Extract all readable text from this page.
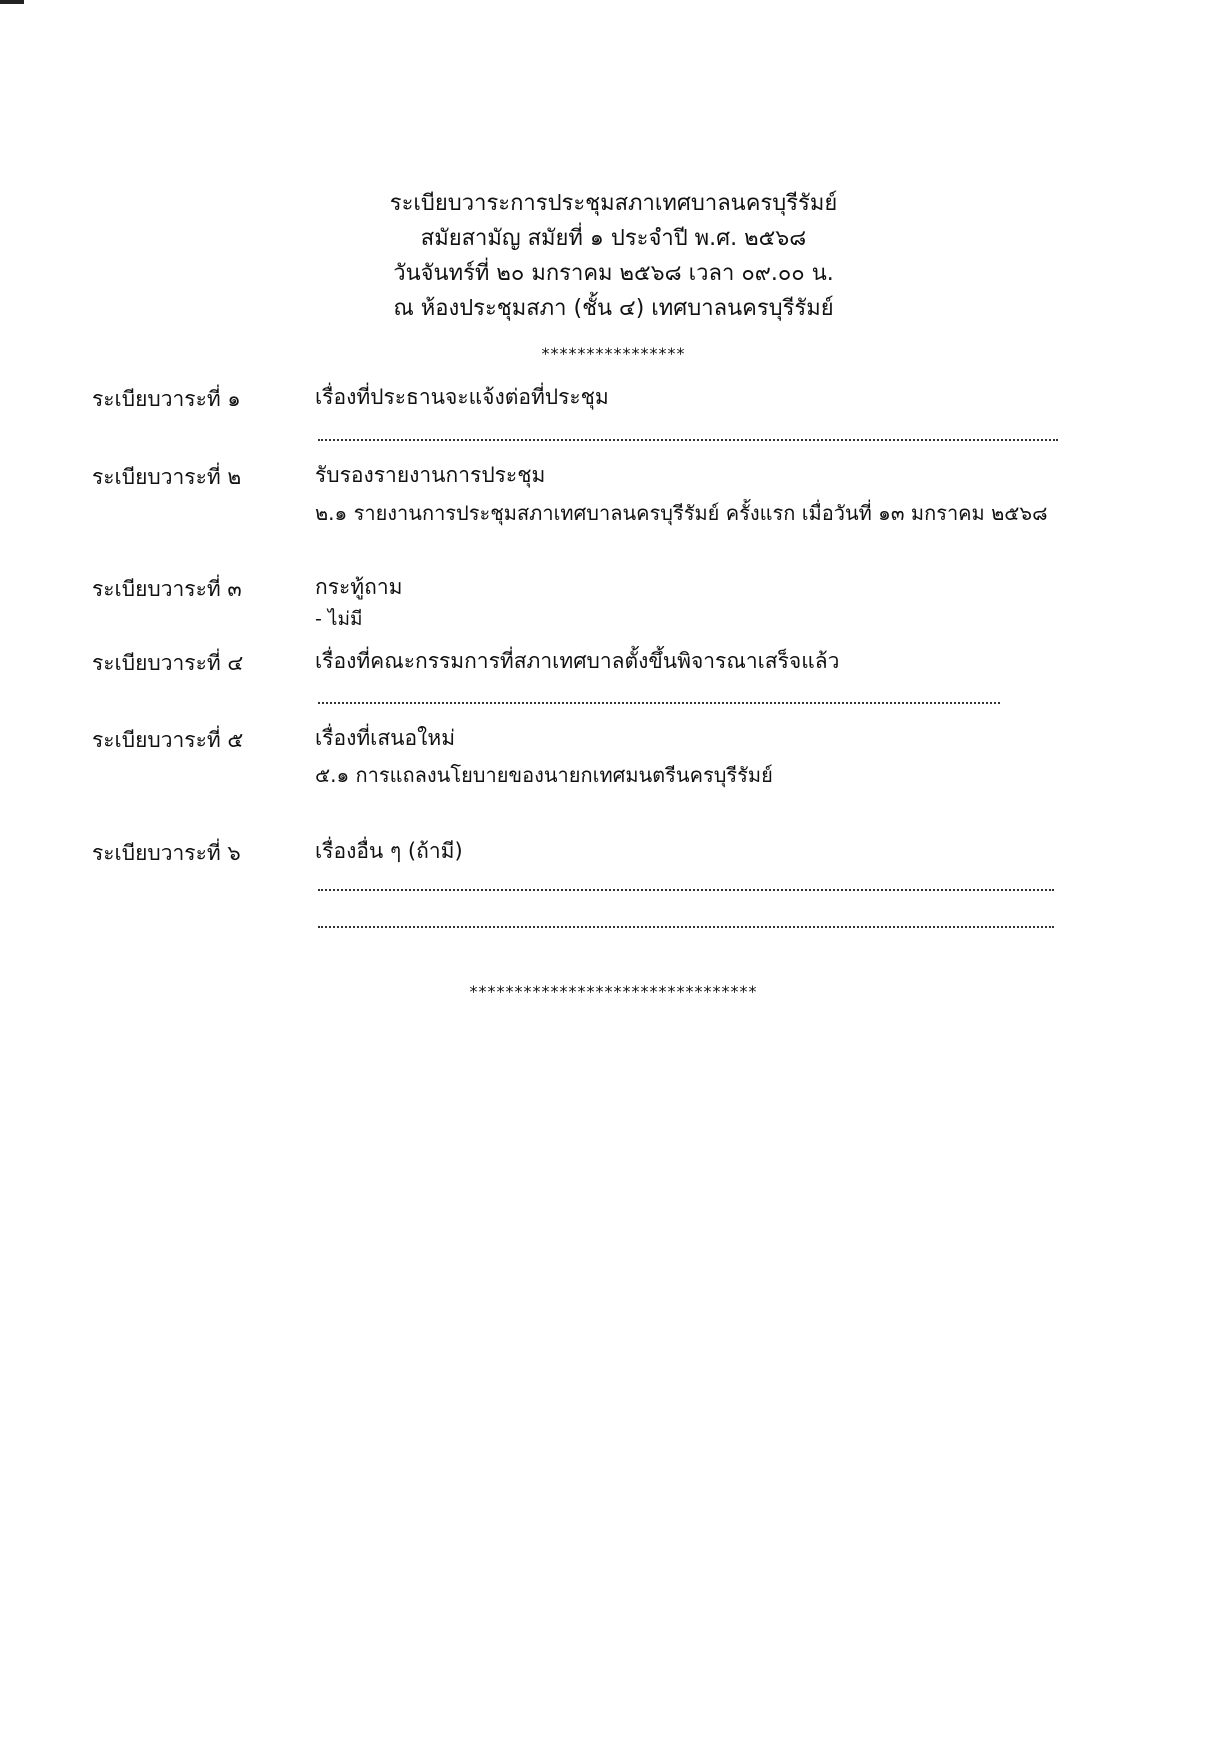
ระเบียบวาระการประชุมสภาเทศบาลนครบุรีรัมย์
สมัยสามัญ สมัยที่ ๑ ประจำปี พ.ศ. ๒๕๖๘
วันจันทร์ที่ ๒๐ มกราคม ๒๕๖๘ เวลา ๐๙.๐๐ น.
ณ ห้องประชุมสภา (ชั้น ๔) เทศบาลนครบุรีรัมย์
****************
ระเบียบวาระที่ ๑	เรื่องที่ประธานจะแจ้งต่อที่ประชุม
ระเบียบวาระที่ ๒	รับรองรายงานการประชุม
๒.๑ รายงานการประชุมสภาเทศบาลนครบุรีรัมย์ ครั้งแรก เมื่อวันที่ ๑๓ มกราคม ๒๕๖๘
ระเบียบวาระที่ ๓	กระทู้ถาม
- ไม่มี
ระเบียบวาระที่ ๔	เรื่องที่คณะกรรมการที่สภาเทศบาลตั้งขึ้นพิจารณาเสร็จแล้ว
ระเบียบวาระที่ ๕	เรื่องที่เสนอใหม่
๕.๑ การแถลงนโยบายของนายกเทศมนตรีนครบุรีรัมย์
ระเบียบวาระที่ ๖	เรื่องอื่น ๆ (ถ้ามี)
********************************
